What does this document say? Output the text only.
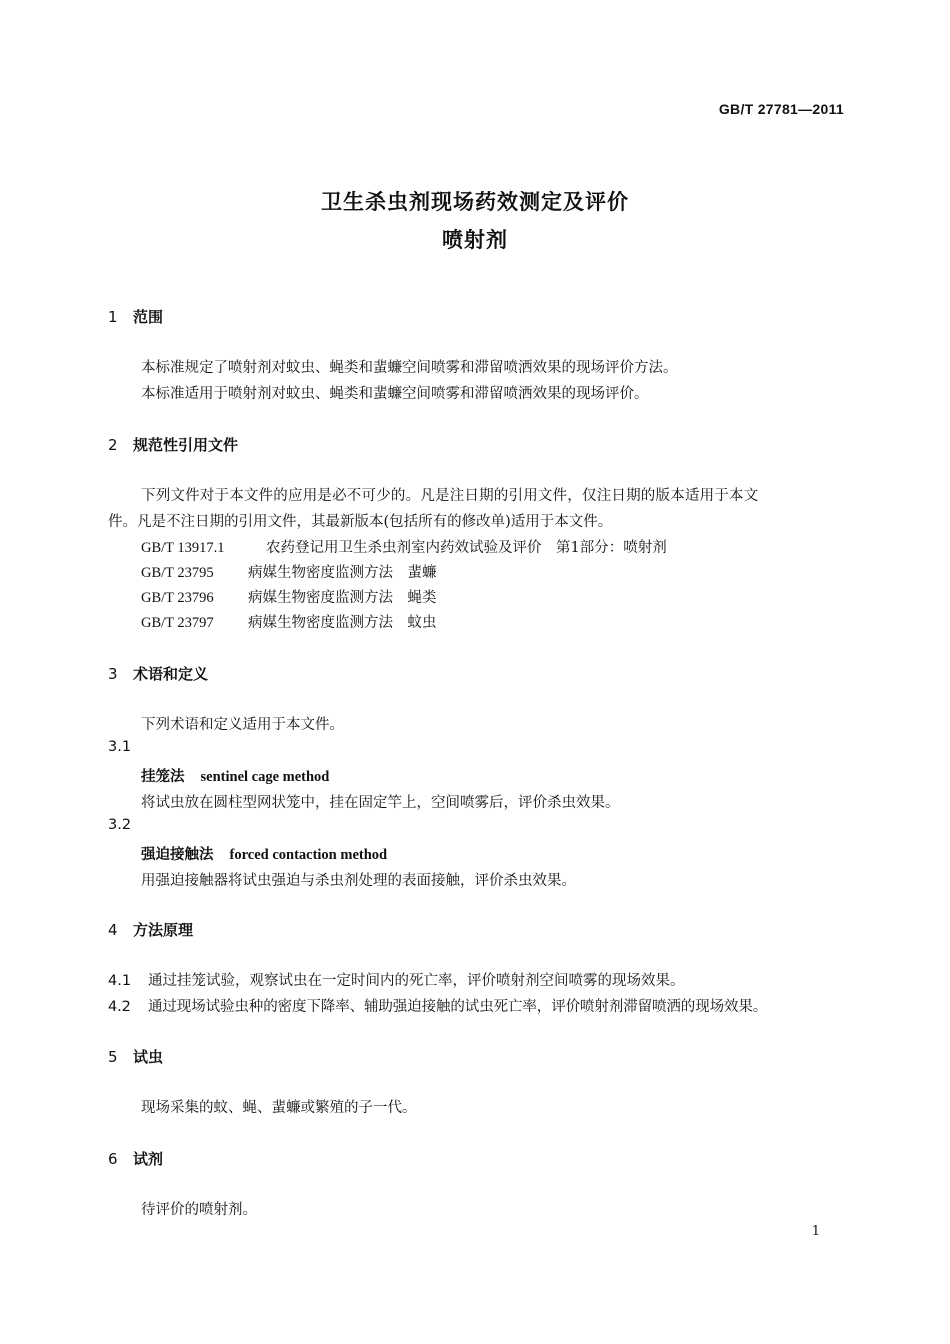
GB/T 27781—2011
卫生杀虫剂现场药效测定及评价
喷射剂
1 范围
本标准规定了喷射剂对蚊虫、蝇类和蜚蠊空间喷雾和滞留喷洒效果的现场评价方法。
本标准适用于喷射剂对蚊虫、蝇类和蜚蠊空间喷雾和滞留喷洒效果的现场评价。
2 规范性引用文件
下列文件对于本文件的应用是必不可少的。凡是注日期的引用文件，仅注日期的版本适用于本文
件。凡是不注日期的引用文件，其最新版本(包括所有的修改单)适用于本文件。
GB/T 13917.1	农药登记用卫生杀虫剂室内药效试验及评价　第1部分：喷射剂
GB/T 23795 病媒生物密度监测方法　蜚蠊
GB/T 23796 病媒生物密度监测方法　蝇类
GB/T 23797 病媒生物密度监测方法　蚊虫
3 术语和定义
下列术语和定义适用于本文件。
3.1
挂笼法 sentinel cage method
将试虫放在圆柱型网状笼中，挂在固定竿上，空间喷雾后，评价杀虫效果。
3.2
强迫接触法 forced contaction method
用强迫接触器将试虫强迫与杀虫剂处理的表面接触，评价杀虫效果。
4 方法原理
4.1 通过挂笼试验，观察试虫在一定时间内的死亡率，评价喷射剂空间喷雾的现场效果。
4.2 通过现场试验虫种的密度下降率、辅助强迫接触的试虫死亡率，评价喷射剂滞留喷洒的现场效果。
5 试虫
现场采集的蚊、蝇、蜚蠊或繁殖的子一代。
6 试剂
待评价的喷射剂。
1
